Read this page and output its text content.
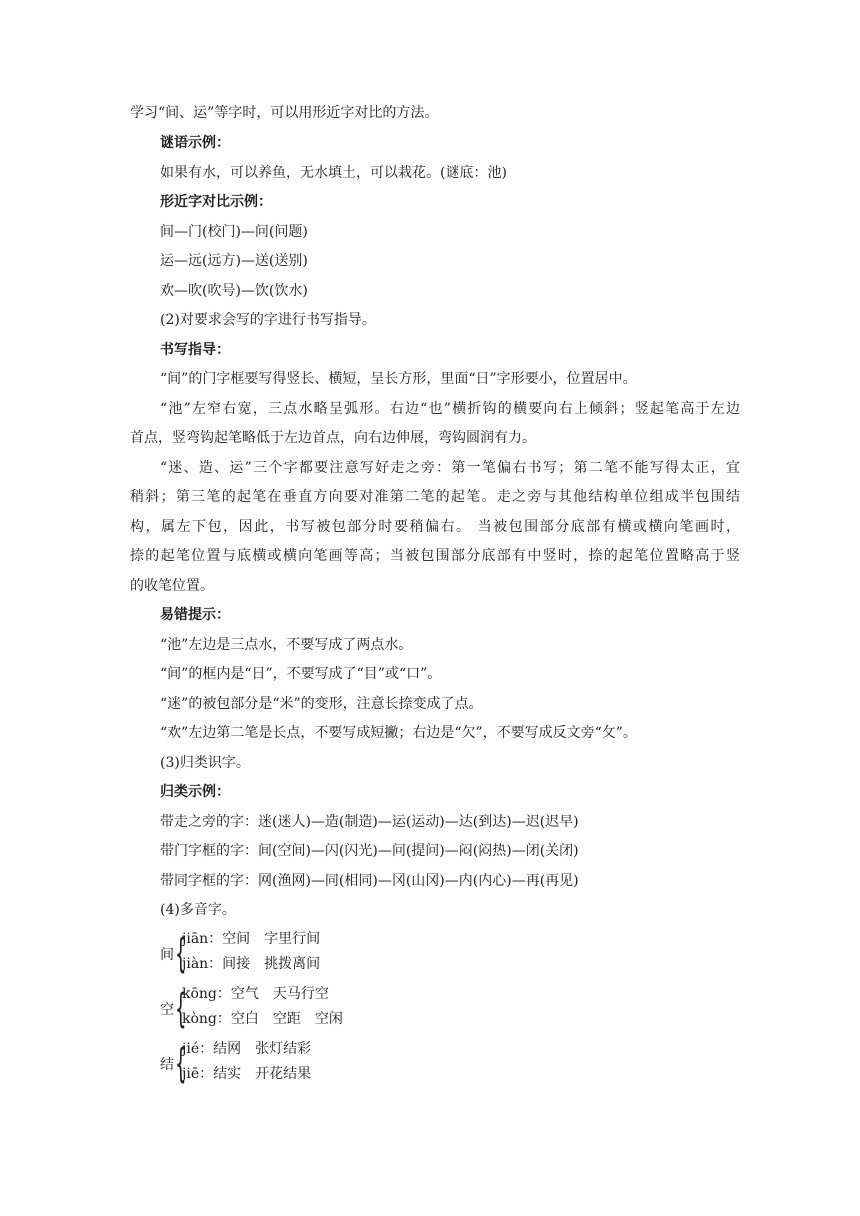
学习“间、运”等字时，可以用形近字对比的方法。
谜语示例：
如果有水，可以养鱼，无水填土，可以栽花。(谜底：池)
形近字对比示例：
间—门(校门)—问(问题)
运—远(远方)—送(送别)
欢—吹(吹号)—饮(饮水)
(2)对要求会写的字进行书写指导。
书写指导：
“间”的门字框要写得竖长、横短，呈长方形，里面“日”字形要小，位置居中。
“池”左窄右宽，三点水略呈弧形。右边“也”横折钩的横要向右上倾斜；竖起笔高于左边
首点，竖弯钩起笔略低于左边首点，向右边伸展，弯钩圆润有力。
“迷、造、运”三个字都要注意写好走之旁：第一笔偏右书写；第二笔不能写得太正，宜
稍斜；第三笔的起笔在垂直方向要对准第二笔的起笔。走之旁与其他结构单位组成半包围结
构，属左下包，因此，书写被包部分时要稍偏右。 当被包围部分底部有横或横向笔画时，
捺的起笔位置与底横或横向笔画等高；当被包围部分底部有中竖时，捺的起笔位置略高于竖
的收笔位置。
易错提示：
“池”左边是三点水，不要写成了两点水。
“间”的框内是“日”，不要写成了“目”或“口”。
“迷”的被包部分是“米”的变形，注意长捺变成了点。
“欢”左边第二笔是长点，不要写成短撇；右边是“欠”，不要写成反文旁“攵”。
(3)归类识字。
归类示例：
带走之旁的字：迷(迷人)—造(制造)—运(运动)—达(到达)—迟(迟早)
带门字框的字：间(空间)—闪(闪光)—问(提问)—闷(闷热)—闭(关闭)
带同字框的字：网(渔网)—同(相同)—冈(山冈)—内(内心)—再(再见)
(4)多音字。
间 {
jiān：空间　字里行间
jiàn：间接　挑拨离间
空 {
kōng：空气　天马行空
kòng：空白　空距　空闲
结 {
jié：结网　张灯结彩
jiē：结实　开花结果
